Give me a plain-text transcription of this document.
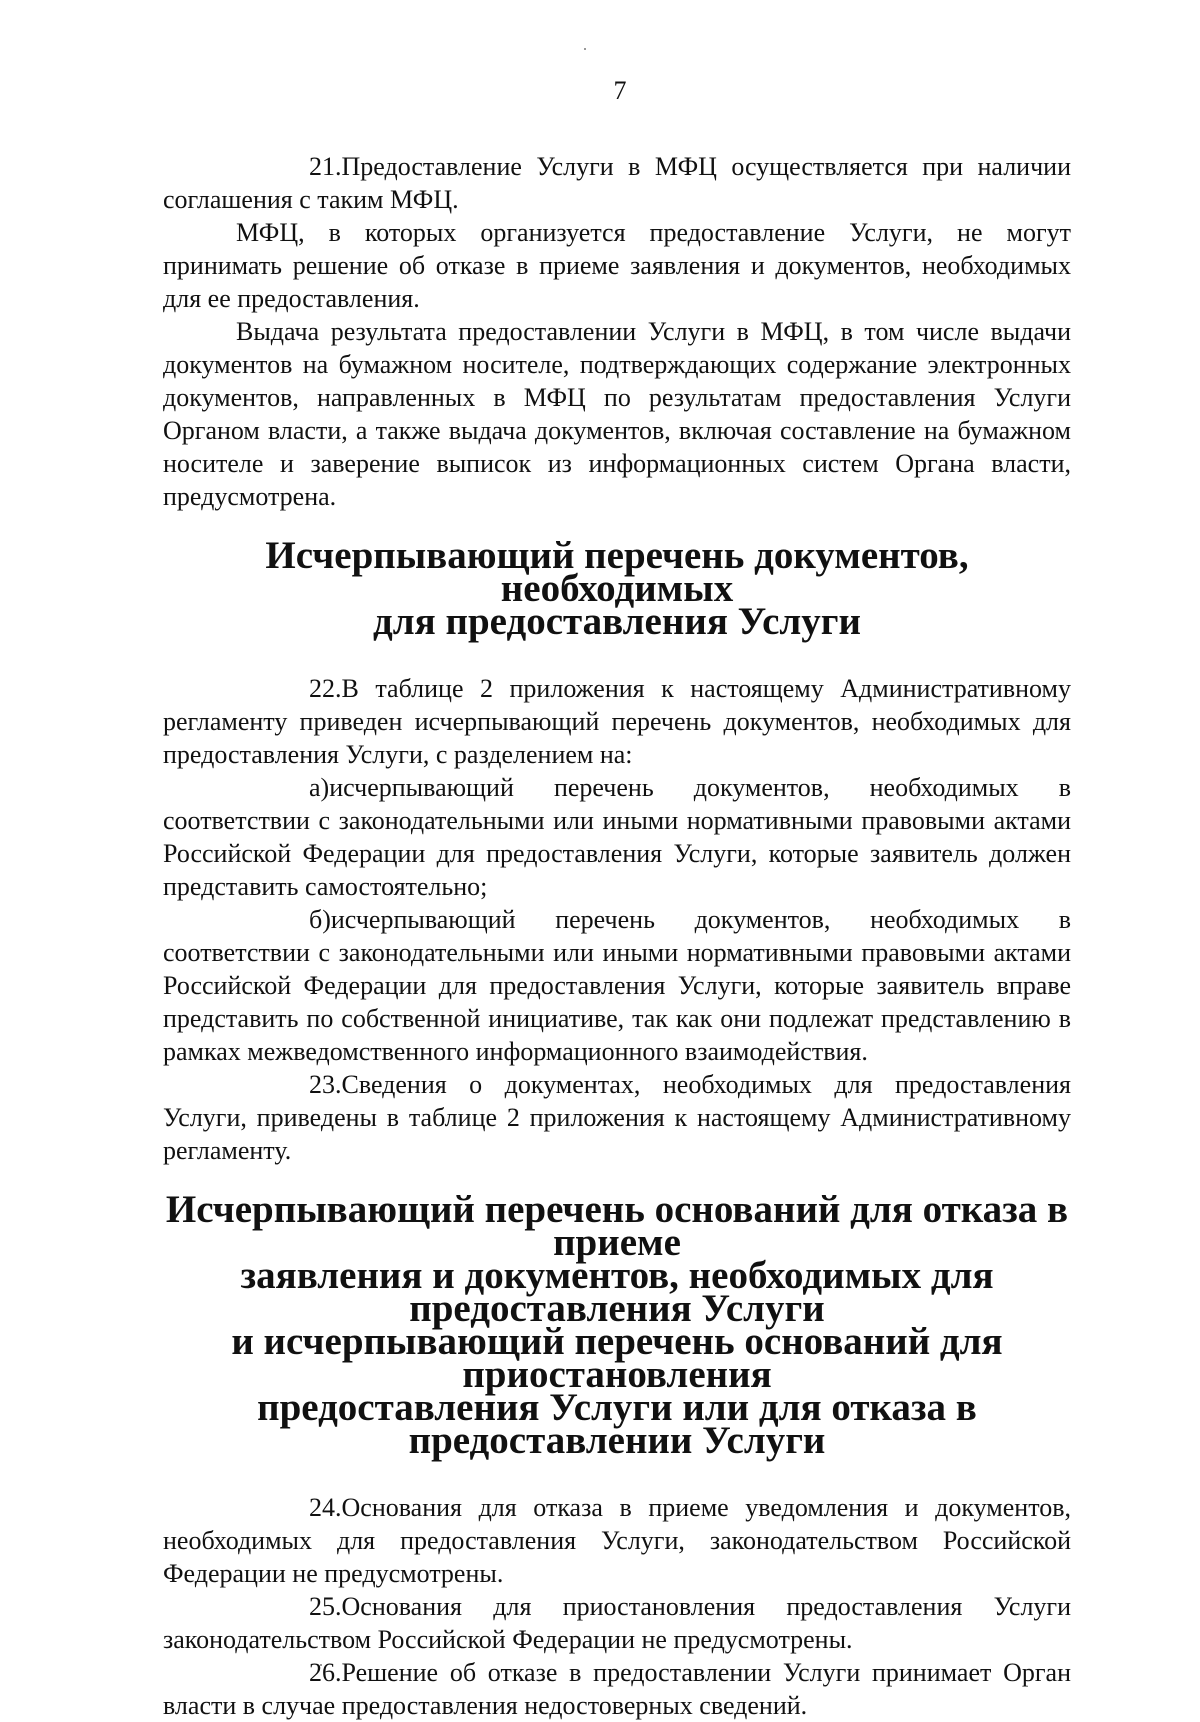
7

21.Предоставление Услуги в МФЦ осуществляется при наличии соглашения с таким МФЦ.

МФЦ, в которых организуется предоставление Услуги, не могут принимать решение об отказе в приеме заявления и документов, необходимых для ее предоставления.

Выдача результата предоставлении Услуги в МФЦ, в том числе выдачи документов на бумажном носителе, подтверждающих содержание электронных документов, направленных в МФЦ по результатам предоставления Услуги Органом власти, а также выдача документов, включая составление на бумажном носителе и заверение выписок из информационных систем Органа власти, предусмотрена.

Исчерпывающий перечень документов, необходимых
для предоставления Услуги

22.В таблице 2 приложения к настоящему Административному регламенту приведен исчерпывающий перечень документов, необходимых для предоставления Услуги, с разделением на:

а)исчерпывающий перечень документов, необходимых в соответствии с законодательными или иными нормативными правовыми актами Российской Федерации для предоставления Услуги, которые заявитель должен представить самостоятельно;

б)исчерпывающий перечень документов, необходимых в соответствии с законодательными или иными нормативными правовыми актами Российской Федерации для предоставления Услуги, которые заявитель вправе представить по собственной инициативе, так как они подлежат представлению в рамках межведомственного информационного взаимодействия.

23.Сведения о документах, необходимых для предоставления Услуги, приведены в таблице 2 приложения к настоящему Административному регламенту.

Исчерпывающий перечень оснований для отказа в приеме
заявления и документов, необходимых для предоставления Услуги
и исчерпывающий перечень оснований для приостановления
предоставления Услуги или для отказа в предоставлении Услуги

24.Основания для отказа в приеме уведомления и документов, необходимых для предоставления Услуги, законодательством Российской Федерации не предусмотрены.

25.Основания для приостановления предоставления Услуги законодательством Российской Федерации не предусмотрены.

26.Решение об отказе в предоставлении Услуги принимает Орган власти в случае предоставления недостоверных сведений.
